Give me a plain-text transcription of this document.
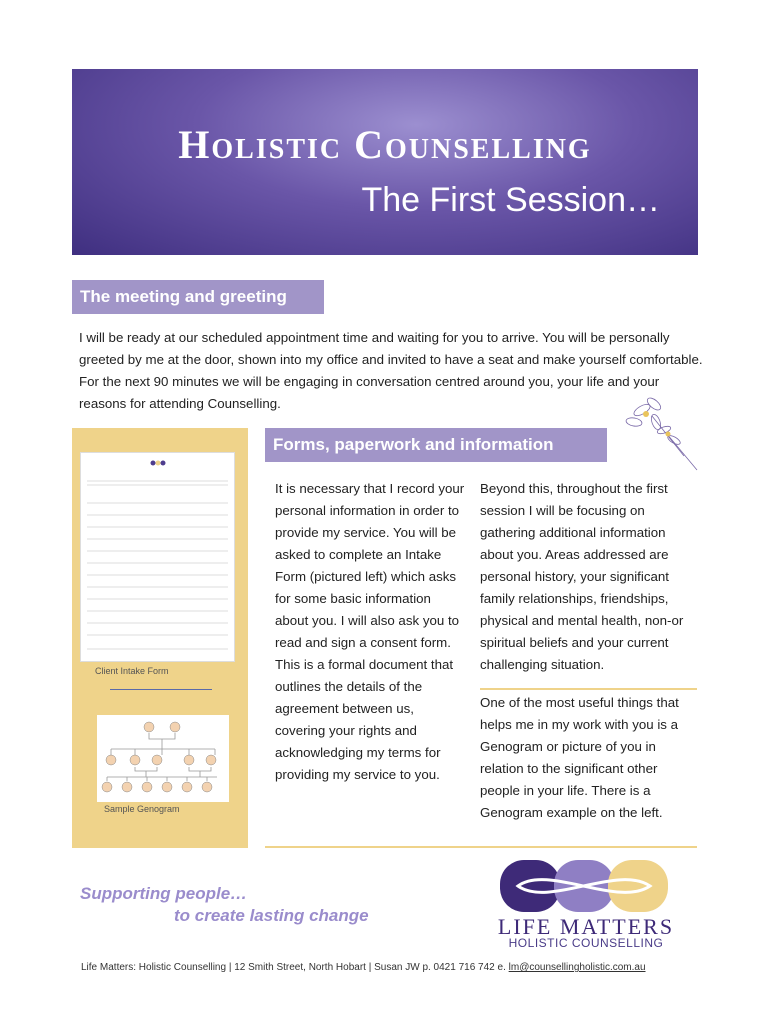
Holistic Counselling
The First Session…
The meeting and greeting
I will be ready at our scheduled appointment time and waiting for you to arrive. You will be personally greeted by me at the door, shown into my office and invited to have a seat and make yourself comfortable. For the next 90 minutes we will be engaging in conversation centred around you, your life and your reasons for attending Counselling.
Client Intake Form
Sample Genogram
Forms, paperwork and information
It is necessary that I record your personal information in order to provide my service. You will be asked to complete an Intake Form (pictured left) which asks for some basic information about you. I will also ask you to read and sign a consent form. This is a formal document that outlines the details of the agreement between us, covering your rights and acknowledging my terms for providing my service to you.
Beyond this, throughout the first session I will be focusing on gathering additional information about you. Areas addressed are personal history, your significant family relationships, friendships, physical and mental health, non-or spiritual beliefs and your current challenging situation.
One of the most useful things that helps me in my work with you is a Genogram or picture of you in relation to the significant other people in your life. There is a Genogram example on the left.
Supporting people…
to create lasting change	LIFE MATTERS
HOLISTIC COUNSELLING
Life Matters: Holistic Counselling | 12 Smith Street, North Hobart | Susan JW p. 0421 716 742 e. lm@counsellingholistic.com.au
